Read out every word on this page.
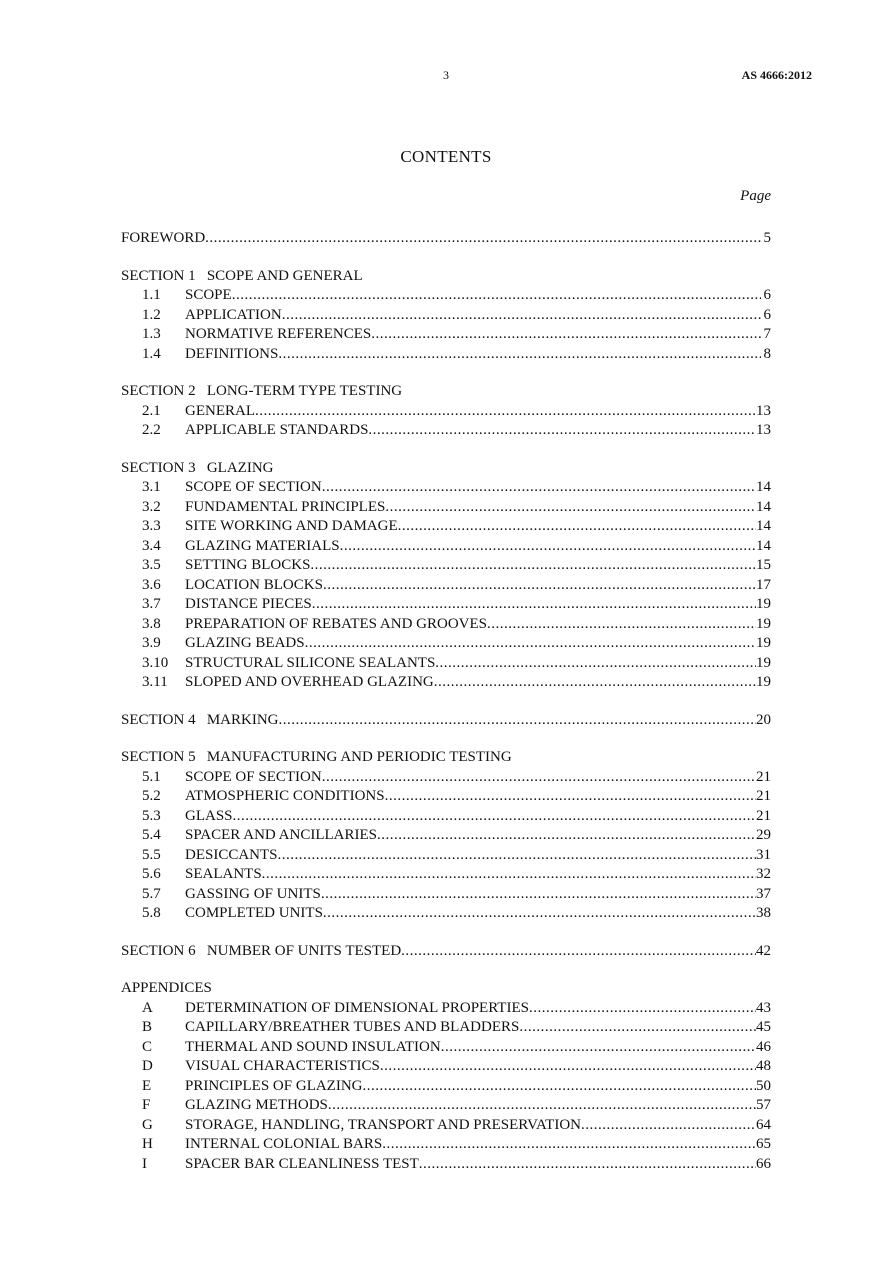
3	AS 4666:2012
CONTENTS
Page
FOREWORD .....	5
SECTION 1   SCOPE AND GENERAL
1.1	SCOPE .....	6
1.2	APPLICATION .....	6
1.3	NORMATIVE REFERENCES .....	7
1.4	DEFINITIONS .....	8
SECTION 2   LONG-TERM TYPE TESTING
2.1	GENERAL .....	13
2.2	APPLICABLE STANDARDS .....	13
SECTION 3   GLAZING
3.1	SCOPE OF SECTION .....	14
3.2	FUNDAMENTAL PRINCIPLES .....	14
3.3	SITE WORKING AND DAMAGE .....	14
3.4	GLAZING MATERIALS .....	14
3.5	SETTING BLOCKS .....	15
3.6	LOCATION BLOCKS .....	17
3.7	DISTANCE PIECES .....	19
3.8	PREPARATION OF REBATES AND GROOVES .....	19
3.9	GLAZING BEADS .....	19
3.10	STRUCTURAL SILICONE SEALANTS .....	19
3.11	SLOPED AND OVERHEAD GLAZING .....	19
SECTION 4   MARKING .....	20
SECTION 5   MANUFACTURING AND PERIODIC TESTING
5.1	SCOPE OF SECTION .....	21
5.2	ATMOSPHERIC CONDITIONS .....	21
5.3	GLASS .....	21
5.4	SPACER AND ANCILLARIES .....	29
5.5	DESICCANTS .....	31
5.6	SEALANTS .....	32
5.7	GASSING OF UNITS .....	37
5.8	COMPLETED UNITS .....	38
SECTION 6   NUMBER OF UNITS TESTED .....	42
APPENDICES
A	DETERMINATION OF DIMENSIONAL PROPERTIES .....	43
B	CAPILLARY/BREATHER TUBES AND BLADDERS .....	45
C	THERMAL AND SOUND INSULATION .....	46
D	VISUAL CHARACTERISTICS .....	48
E	PRINCIPLES OF GLAZING .....	50
F	GLAZING METHODS .....	57
G	STORAGE, HANDLING, TRANSPORT AND PRESERVATION .....	64
H	INTERNAL COLONIAL BARS .....	65
I	SPACER BAR CLEANLINESS TEST .....	66
